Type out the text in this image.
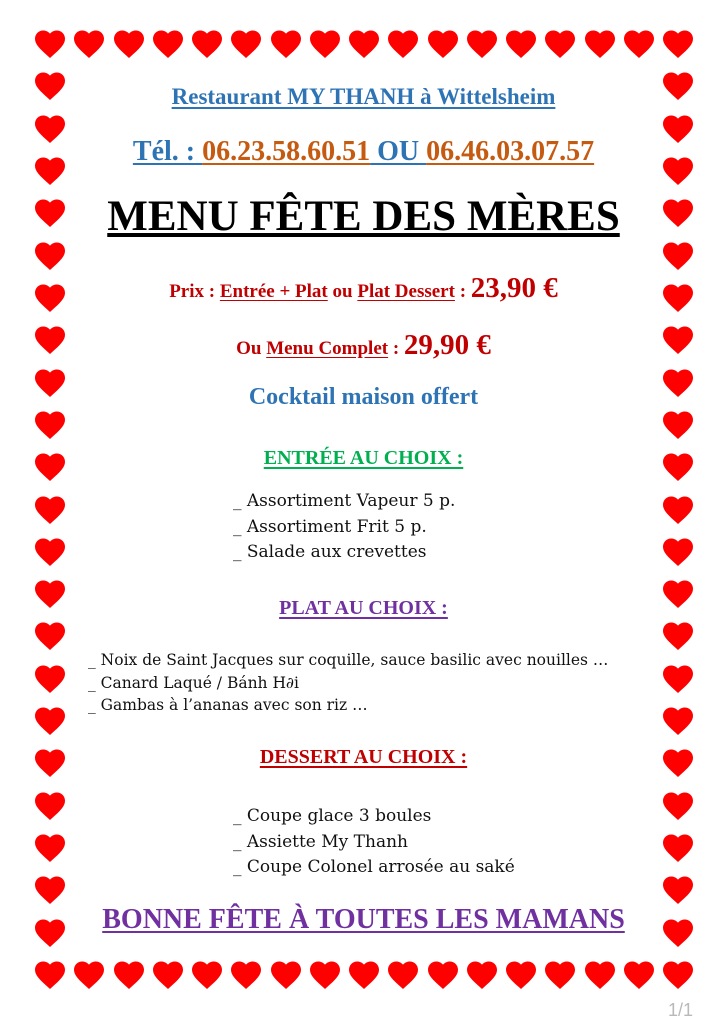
Restaurant MY THANH à Wittelsheim
Tél. : 06.23.58.60.51 OU 06.46.03.07.57
MENU FÊTE DES MÈRES
Prix : Entrée + Plat ou Plat Dessert : 23,90 €
Ou Menu Complet : 29,90 €
Cocktail maison offert
ENTRÉE AU CHOIX :
_ Assortiment Vapeur 5 p.
_ Assortiment Frit 5 p.
_ Salade aux crevettes
PLAT AU CHOIX :
_ Noix de Saint Jacques sur coquille, sauce basilic avec nouilles …
_ Canard Laqué / Bánh H∂i
_ Gambas à l’ananas avec son riz …
DESSERT AU CHOIX :
_ Coupe glace 3 boules
_ Assiette My Thanh
_ Coupe Colonel arrosée au saké
BONNE FÊTE À TOUTES LES MAMANS
1/1
